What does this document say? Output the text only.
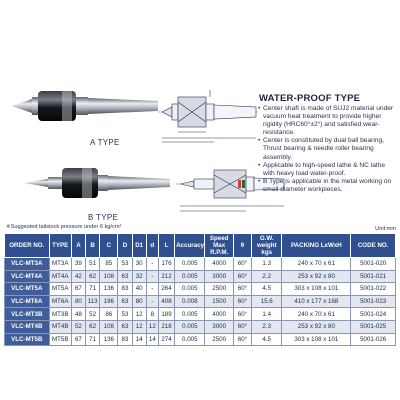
A TYPE
B TYPE
WATER-PROOF TYPE
• Center shaft is made of SUJ2 material under vacuum heat treatment to provide higher rigidity (HRC60°±2°) and satisfied wear-resistance.
• Center is constituted by dual ball bearing, Thrust bearing & needle roller bearing assembly.
• Applicable to high-speed lathe & NC lathe with heavy load water-proof.
• B Type is applicable in the metal working on small diameter workpieces.
※Suggested tailstock pressure under 6 kg/cm²	Unit:mm
ORDER NO.	TYPE	A	B	C	D	D1	d	L	Accuracy	Speed Max R.P.M.	θ	G.W. weight kgs	PACKING LxWxH	CODE NO.
VLC-MT3A	MT3A	39	51	85	53	30	-	176	0.005	4000	60°	1.3	240 x 70 x 61	5001-020
VLC-MT4A	MT4A	42	62	108	63	32	-	212	0.005	3000	60°	2.2	253 x 92 x 80	5001-021
VLC-MT5A	MT5A	67	71	136	83	40	-	264	0.005	2500	60°	4.5	303 x 108 x 101	5001-022
VLC-MT6A	MT6A	80	113	196	63	80	-	408	0.008	1500	60°	15.6	410 x 177 x 168	5001-023
VLC-MT3B	MT3B	48	52	86	53	12	8	189	0.005	4000	60°	1.4	240 x 70 x 61	5001-024
VLC-MT4B	MT4B	52	62	108	63	12	12	218	0.005	3000	60°	2.3	253 x 92 x 80	5001-025
VLC-MT5B	MT5B	67	71	136	83	14	14	274	0.005	2500	60°	4.5	303 x 108 x 101	5001-026
